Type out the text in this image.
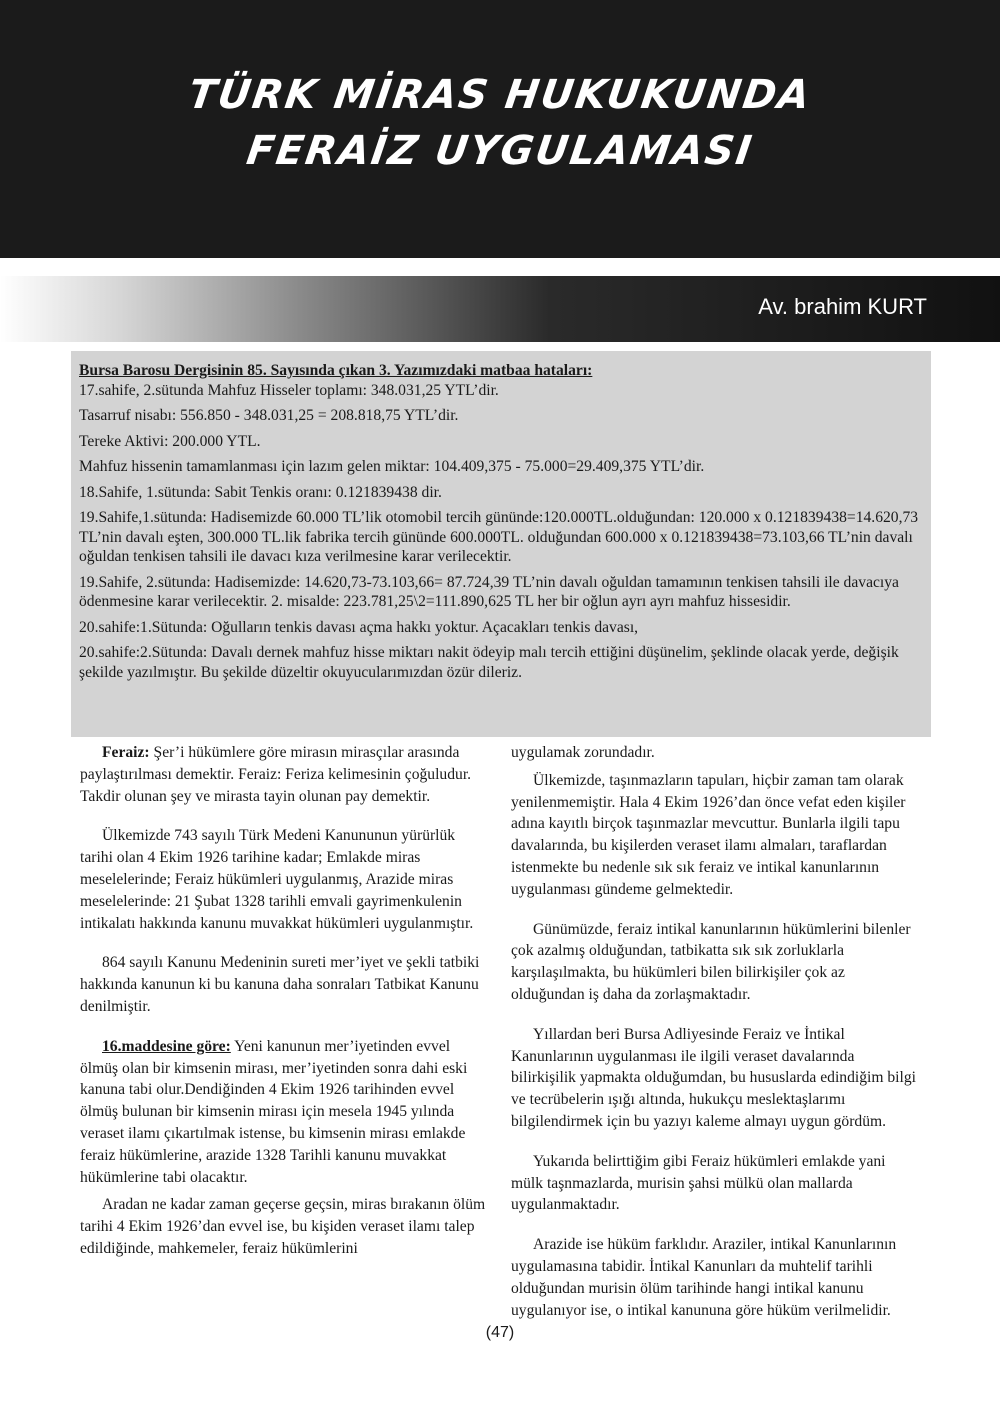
TÜRK MİRAS HUKUKUNDA
FERAİZ UYGULAMASI
Av. brahim KURT
Bursa Barosu Dergisinin 85. Sayısında çıkan 3. Yazımızdaki matbaa hataları:

17.sahife, 2.sütunda Mahfuz Hisseler toplamı: 348.031,25 YTL’dir.

Tasarruf nisabı: 556.850 - 348.031,25 = 208.818,75 YTL’dir.

Tereke Aktivi: 200.000 YTL.

Mahfuz hissenin tamamlanması için lazım gelen miktar: 104.409,375 - 75.000=29.409,375 YTL’dir.

18.Sahife, 1.sütunda: Sabit Tenkis oranı: 0.121839438 dir.

19.Sahife,1.sütunda: Hadisemizde 60.000 TL’lik otomobil tercih gününde:120.000TL.olduğundan: 120.000 x 0.121839438=14.620,73 TL’nin davalı eşten, 300.000 TL.lik fabrika tercih gününde 600.000TL. olduğundan 600.000 x 0.121839438=73.103,66 TL’nin davalı oğuldan tenkisen tahsili ile davacı kıza verilmesine karar verilecektir.

19.Sahife, 2.sütunda: Hadisemizde: 14.620,73-73.103,66= 87.724,39 TL’nin davalı oğuldan tamamının tenkisen tahsili ile davacıya ödenmesine karar verilecektir. 2. misalde: 223.781,25\2=111.890,625 TL her bir oğlun ayrı ayrı mahfuz hissesidir.

20.sahife:1.Sütunda: Oğulların tenkis davası açma hakkı yoktur. Açacakları tenkis davası,

20.sahife:2.Sütunda: Davalı dernek mahfuz hisse miktarı nakit ödeyip malı tercih ettiğini düşünelim, şeklinde olacak yerde, değişik şekilde yazılmıştır. Bu şekilde düzeltir okuyucularımızdan özür dileriz.

Feraiz: Şer’i hükümlere göre mirasın mirasçılar arasında paylaştırılması demektir. Feraiz: Feriza kelimesinin çoğuludur. Takdir olunan şey ve mirasta tayin olunan pay demektir.

Ülkemizde 743 sayılı Türk Medeni Kanununun yürürlük tarihi olan 4 Ekim 1926 tarihine kadar; Emlakde miras meselelerinde; Feraiz hükümleri uygulanmış, Arazide miras meselelerinde: 21 Şubat 1328 tarihli emvali gayrimenkulenin intikalatı hakkında kanunu muvakkat hükümleri uygulanmıştır.

864 sayılı Kanunu Medeninin sureti mer’iyet ve şekli tatbiki hakkında kanunun ki bu kanuna daha sonraları Tatbikat Kanunu denilmiştir.

16.maddesine göre: Yeni kanunun mer’iyetinden evvel ölmüş olan bir kimsenin mirası, mer’iyetinden sonra dahi eski kanuna tabi olur.Dendiğinden 4 Ekim 1926 tarihinden evvel ölmüş bulunan bir kimsenin mirası için mesela 1945 yılında veraset ilamı çıkartılmak istense, bu kimsenin mirası emlakde feraiz hükümlerine, arazide 1328 Tarihli kanunu muvakkat hükümlerine tabi olacaktır.

Aradan ne kadar zaman geçerse geçsin, miras bırakanın ölüm tarihi 4 Ekim 1926’dan evvel ise, bu kişiden veraset ilamı talep edildiğinde, mahkemeler, feraiz hükümlerini

uygulamak zorundadır.

Ülkemizde, taşınmazların tapuları, hiçbir zaman tam olarak yenilenmemiştir. Hala 4 Ekim 1926’dan önce vefat eden kişiler adına kayıtlı birçok taşınmazlar mevcuttur. Bunlarla ilgili tapu davalarında, bu kişilerden veraset ilamı almaları, taraflardan istenmekte bu nedenle sık sık feraiz ve intikal kanunlarının uygulanması gündeme gelmektedir.

Günümüzde, feraiz intikal kanunlarının hükümlerini bilenler çok azalmış olduğundan, tatbikatta sık sık zorluklarla karşılaşılmakta, bu hükümleri bilen bilirkişiler çok az olduğundan iş daha da zorlaşmaktadır.

Yıllardan beri Bursa Adliyesinde Feraiz ve İntikal Kanunlarının uygulanması ile ilgili veraset davalarında bilirkişilik yapmakta olduğumdan, bu hususlarda edindiğim bilgi ve tecrübelerin ışığı altında, hukukçu meslektaşlarımı bilgilendirmek için bu yazıyı kaleme almayı uygun gördüm.

Yukarıda belirttiğim gibi Feraiz hükümleri emlakde yani mülk taşnmazlarda, murisin şahsi mülkü olan mallarda uygulanmaktadır.

Arazide ise hüküm farklıdır. Araziler, intikal Kanunlarının uygulamasına tabidir. İntikal Kanunları da muhtelif tarihli olduğundan murisin ölüm tarihinde hangi intikal kanunu uygulanıyor ise, o intikal kanununa göre hüküm verilmelidir.

(47)
